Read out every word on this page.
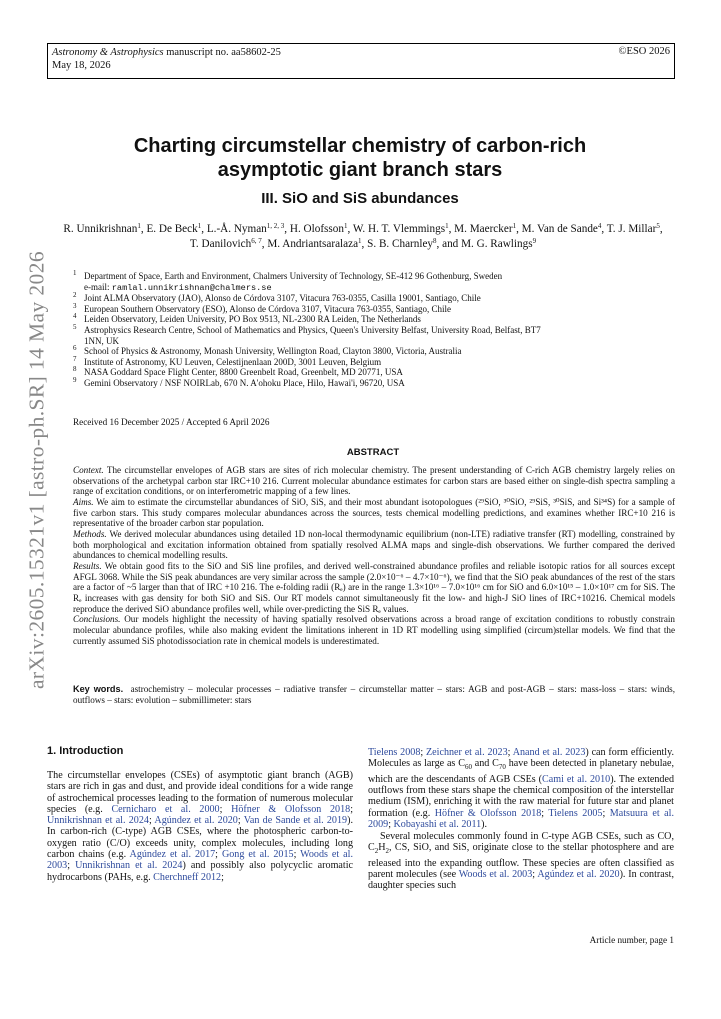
Astronomy & Astrophysics manuscript no. aa58602-25
May 18, 2026
©ESO 2026
arXiv:2605.15321v1 [astro-ph.SR] 14 May 2026
Charting circumstellar chemistry of carbon-rich
asymptotic giant branch stars
III. SiO and SiS abundances
R. Unnikrishnan$^1$, E. De Beck$^1$, L.-Å. Nyman$^{1, 2, 3}$, H. Olofsson$^1$, W. H. T. Vlemmings$^1$, M. Maercker$^1$, M. Van de Sande$^4$, T. J. Millar$^5$, T. Danilovich$^{6, 7}$, M. Andriantsaralaza$^1$, S. B. Charnley$^8$, and M. G. Rawlings$^9$
$^1$ Department of Space, Earth and Environment, Chalmers University of Technology, SE-412 96 Gothenburg, Sweden
e-mail: ramlal.unnikrishnan@chalmers.se
$^2$ Joint ALMA Observatory (JAO), Alonso de Córdova 3107, Vitacura 763-0355, Casilla 19001, Santiago, Chile
$^3$ European Southern Observatory (ESO), Alonso de Córdova 3107, Vitacura 763-0355, Santiago, Chile
$^4$ Leiden Observatory, Leiden University, PO Box 9513, NL-2300 RA Leiden, The Netherlands
$^5$ Astrophysics Research Centre, School of Mathematics and Physics, Queen's University Belfast, University Road, Belfast, BT7
1NN, UK
$^6$ School of Physics & Astronomy, Monash University, Wellington Road, Clayton 3800, Victoria, Australia
$^7$ Institute of Astronomy, KU Leuven, Celestijnenlaan 200D, 3001 Leuven, Belgium
$^8$ NASA Goddard Space Flight Center, 8800 Greenbelt Road, Greenbelt, MD 20771, USA
$^9$ Gemini Observatory / NSF NOIRLab, 670 N. A'ohoku Place, Hilo, Hawai'i, 96720, USA
Received 16 December 2025 / Accepted 6 April 2026
ABSTRACT

Context. The circumstellar envelopes of AGB stars are sites of rich molecular chemistry. The present understanding of C-rich AGB chemistry largely relies on observations of the archetypal carbon star IRC+10 216. Current molecular abundance estimates for carbon stars are based either on single-dish spectra sampling a range of excitation conditions, or on interferometric mapping of a few lines.

Aims. We aim to estimate the circumstellar abundances of SiO, SiS, and their most abundant isotopologues (²⁹SiO, ³⁰SiO, ²⁹SiS, ³⁰SiS, and Si³⁴S) for a sample of five carbon stars. This study compares molecular abundances across the sources, tests chemical modelling predictions, and examines whether IRC+10 216 is representative of the broader carbon star population.

Methods. We derived molecular abundances using detailed 1D non-local thermodynamic equilibrium (non-LTE) radiative transfer (RT) modelling, constrained by both morphological and excitation information obtained from spatially resolved ALMA maps and single-dish observations. We further compared the derived abundances to chemical modelling results.

Results. We obtain good fits to the SiO and SiS line profiles, and derived well-constrained abundance profiles and reliable isotopic ratios for all sources except AFGL 3068. While the SiS peak abundances are very similar across the sample (2.0×10⁻⁶ – 4.7×10⁻⁶), we find that the SiO peak abundances of the rest of the stars are a factor of ~5 larger than that of IRC +10 216. The e-folding radii (Rₑ) are in the range 1.3×10¹⁶ – 7.0×10¹⁶ cm for SiO and 6.0×10¹⁵ – 1.0×10¹⁷ cm for SiS. The Rₑ increases with gas density for both SiO and SiS. Our RT models cannot simultaneously fit the low- and high-J SiO lines of IRC+10216. Chemical models reproduce the derived SiO abundance profiles well, while over-predicting the SiS Rₑ values.

Conclusions. Our models highlight the necessity of having spatially resolved observations across a broad range of excitation conditions to robustly constrain molecular abundance profiles, while also making evident the limitations inherent in 1D RT modelling using simplified (circum)stellar models. We find that the currently assumed SiS photodissociation rate in chemical models is underestimated.

Key words. astrochemistry – molecular processes – radiative transfer – circumstellar matter – stars: AGB and post-AGB – stars: mass-loss – stars: winds, outflows – stars: evolution – submillimeter: stars
1. Introduction

The circumstellar envelopes (CSEs) of asymptotic giant branch (AGB) stars are rich in gas and dust, and provide ideal conditions for a wide range of astrochemical processes leading to the formation of numerous molecular species (e.g. Cernicharo et al. 2000; Höfner & Olofsson 2018; Unnikrishnan et al. 2024; Agúndez et al. 2020; Van de Sande et al. 2019). In carbon-rich (C-type) AGB CSEs, where the photospheric carbon-to-oxygen ratio (C/O) exceeds unity, complex molecules, including long carbon chains (e.g. Agúndez et al. 2017; Gong et al. 2015; Woods et al. 2003; Unnikrishnan et al. 2024) and possibly also polycyclic aromatic hydrocarbons (PAHs, e.g. Cherchneff 2012;

Tielens 2008; Zeichner et al. 2023; Anand et al. 2023) can form efficiently. Molecules as large as $C_{60}$ and $C_{70}$ have been detected in planetary nebulae, which are the descendants of AGB CSEs (Cami et al. 2010). The extended outflows from these stars shape the chemical composition of the interstellar medium (ISM), enriching it with the raw material for future star and planet formation (e.g. Höfner & Olofsson 2018; Tielens 2005; Matsuura et al. 2009; Kobayashi et al. 2011).

Several molecules commonly found in C-type AGB CSEs, such as CO, $C_2H_2$, CS, SiO, and SiS, originate close to the stellar photosphere and are released into the expanding outflow. These species are often classified as parent molecules (see Woods et al. 2003; Agúndez et al. 2020). In contrast, daughter species such

Article number, page 1
